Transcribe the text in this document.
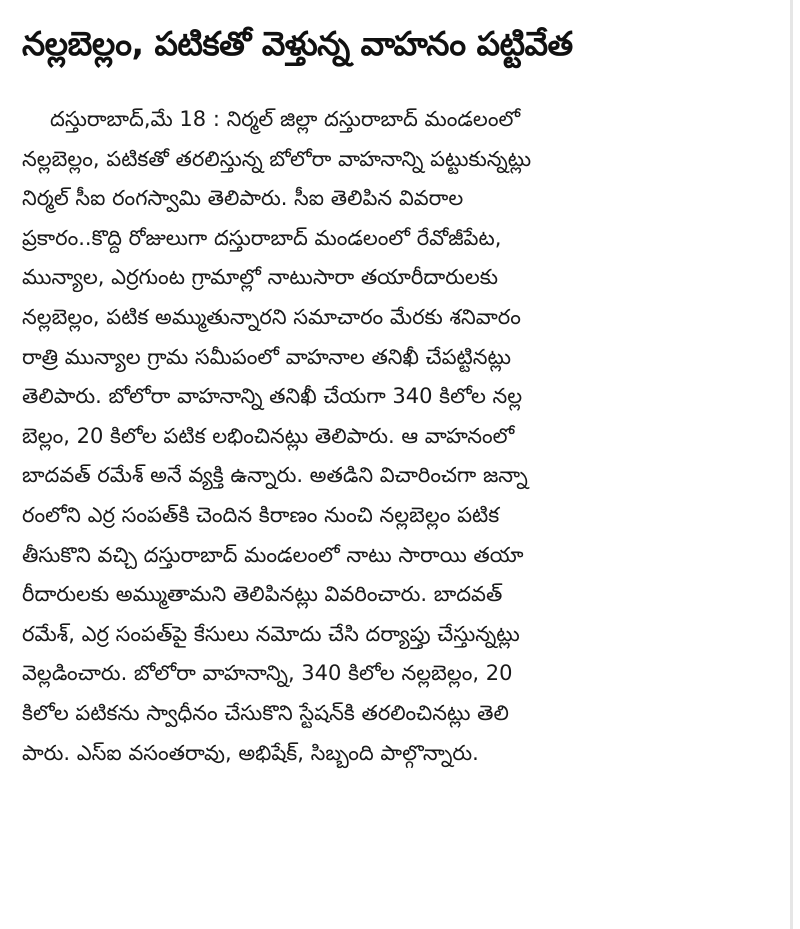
నల్లబెల్లం, పటికతో వెళ్తున్న వాహనం పట్టివేత
దస్తురాబాద్,మే 18 : నిర్మల్ జిల్లా దస్తురాబాద్ మండలంలో
నల్లబెల్లం, పటికతో తరలిస్తున్న బోలోరా వాహనాన్ని పట్టుకున్నట్లు
నిర్మల్ సీఐ రంగస్వామి తెలిపారు. సీఐ తెలిపిన వివరాల
ప్రకారం..కొద్ది రోజులుగా దస్తురాబాద్ మండలంలో రేవోజీపేట,
మున్యాల, ఎర్రగుంట గ్రామాల్లో నాటుసారా తయారీదారులకు
నల్లబెల్లం, పటిక అమ్ముతున్నారని సమాచారం మేరకు శనివారం
రాత్రి మున్యాల గ్రామ సమీపంలో వాహనాల తనిఖీ చేపట్టినట్లు
తెలిపారు. బోలోరా వాహనాన్ని తనిఖీ చేయగా 340 కిలోల నల్ల
బెల్లం, 20 కిలోల పటిక లభించినట్లు తెలిపారు. ఆ వాహనంలో
బాదవత్ రమేశ్ అనే వ్యక్తి ఉన్నారు. అతడిని విచారించగా జన్నా
రంలోని ఎర్ర సంపత్‌కి చెందిన కిరాణం నుంచి నల్లబెల్లం పటిక
తీసుకొని వచ్చి దస్తురాబాద్ మండలంలో నాటు సారాయి తయా
రీదారులకు అమ్ముతామని తెలిపినట్లు వివరించారు. బాదవత్
రమేశ్, ఎర్ర సంపత్‌పై కేసులు నమోదు చేసి దర్యాప్తు చేస్తున్నట్లు
వెల్లడించారు. బోలోరా వాహనాన్ని, 340 కిలోల నల్లబెల్లం, 20
కిలోల పటికను స్వాధీనం చేసుకొని స్టేషన్‌కి తరలించినట్లు తెలి
పారు. ఎస్ఐ వసంతరావు, అభిషేక్, సిబ్బంది పాల్గొన్నారు.
